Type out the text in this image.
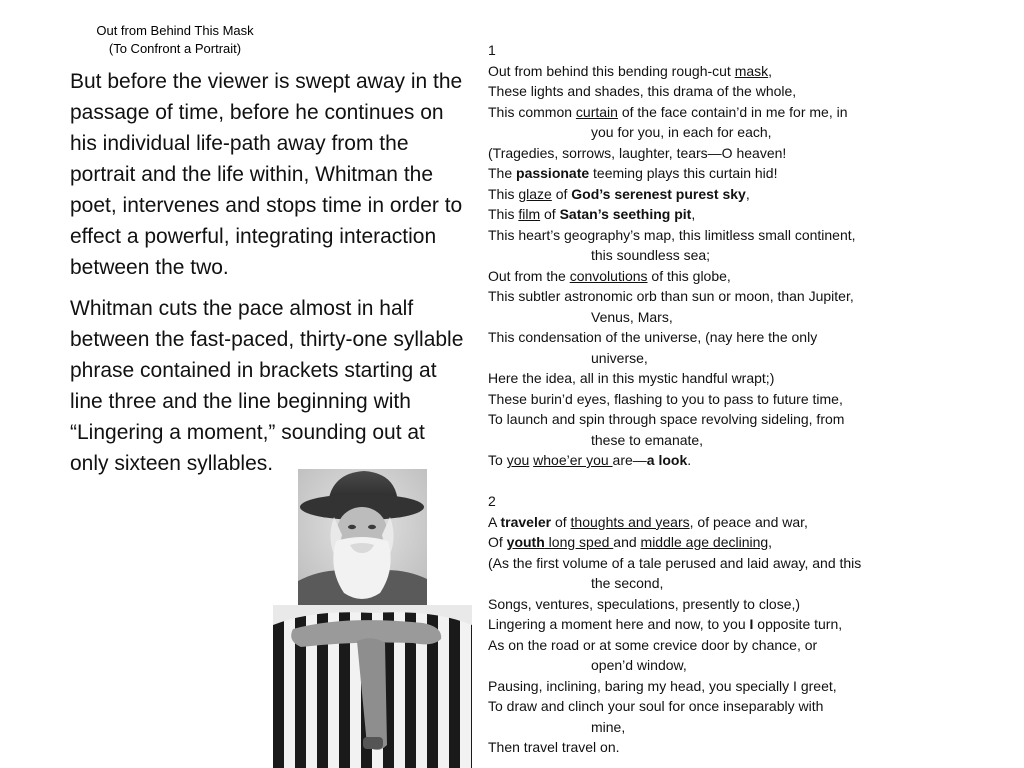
Out from Behind This Mask
(To Confront a Portrait)

But before the viewer is swept away in the passage of time, before he continues on his individual life-path away from the portrait and the life within, Whitman the poet, intervenes and stops time in order to effect a powerful, integrating interaction between the two.

Whitman cuts the pace almost in half between the fast-paced, thirty-one syllable phrase contained in brackets starting at line three and the line beginning with “Lingering a moment,” sounding out at only sixteen syllables.

1
Out from behind this bending rough-cut mask,
These lights and shades, this drama of the whole,
This common curtain of the face contain’d in me for me, in
you for you, in each for each,
(Tragedies, sorrows, laughter, tears—O heaven!
The passionate teeming plays this curtain hid!
This glaze of God’s serenest purest sky,
This film of Satan’s seething pit,
This heart’s geography’s map, this limitless small continent,
this soundless sea;
Out from the convolutions of this globe,
This subtler astronomic orb than sun or moon, than Jupiter,
Venus, Mars,
This condensation of the universe, (nay here the only
universe,
Here the idea, all in this mystic handful wrapt;)
These burin’d eyes, flashing to you to pass to future time,
To launch and spin through space revolving sideling, from
these to emanate,
To you whoe’er you are—a look.
2
A traveler of thoughts and years, of peace and war,
Of youth long sped and middle age declining,
(As the first volume of a tale perused and laid away, and this
the second,
Songs, ventures, speculations, presently to close,)
Lingering a moment here and now, to you I opposite turn,
As on the road or at some crevice door by chance, or
open’d window,
Pausing, inclining, baring my head, you specially I greet,
To draw and clinch your soul for once inseparably with
mine,
Then travel travel on.
